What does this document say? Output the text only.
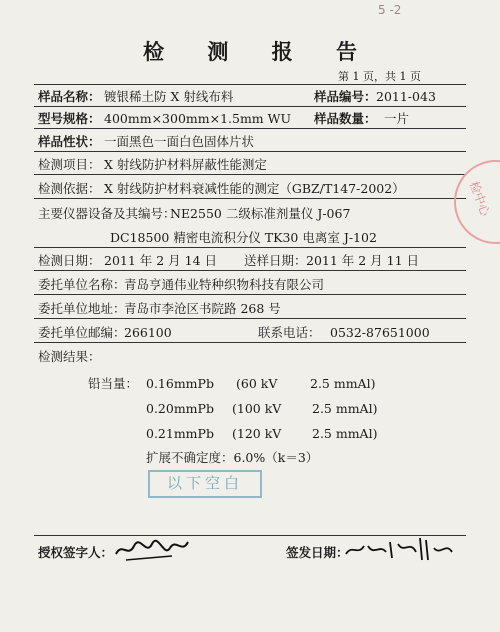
5 -2
检 测 报 告
第 1 页，共 1 页
样品名称： 镀银稀土防 X 射线布料	样品编号： 2011-043
型号规格： 400mm×300mm×1.5mm WU 样品数量： 一片
样品性状： 一面黑色一面白色固体片状
检测项目： X 射线防护材料屏蔽性能测定
检测依据： X 射线防护材料衰减性能的测定（GBZ/T147-2002）
主要仪器设备及其编号：
NE2550 二级标准剂量仪 J-067
DC18500 精密电流积分仪 TK30 电离室 J-102
检测日期： 2011 年 2 月 14 日 送样日期： 2011 年 2 月 11 日
委托单位名称：
青岛亨通伟业特种织物科技有限公司
委托单位地址：
青岛市李沧区书院路 268 号
委托单位邮编：
266100	联系电话： 0532-87651000
检测结果：
铅当量： 0.16mmPb (60 kV	2.5 mmAl)
0.20mmPb (100 kV 2.5 mmAl)
0.21mmPb (120 kV 2.5 mmAl)
扩展不确定度：6.0%（k＝3）
以下空白
检中心
授权签字人：	签发日期：
